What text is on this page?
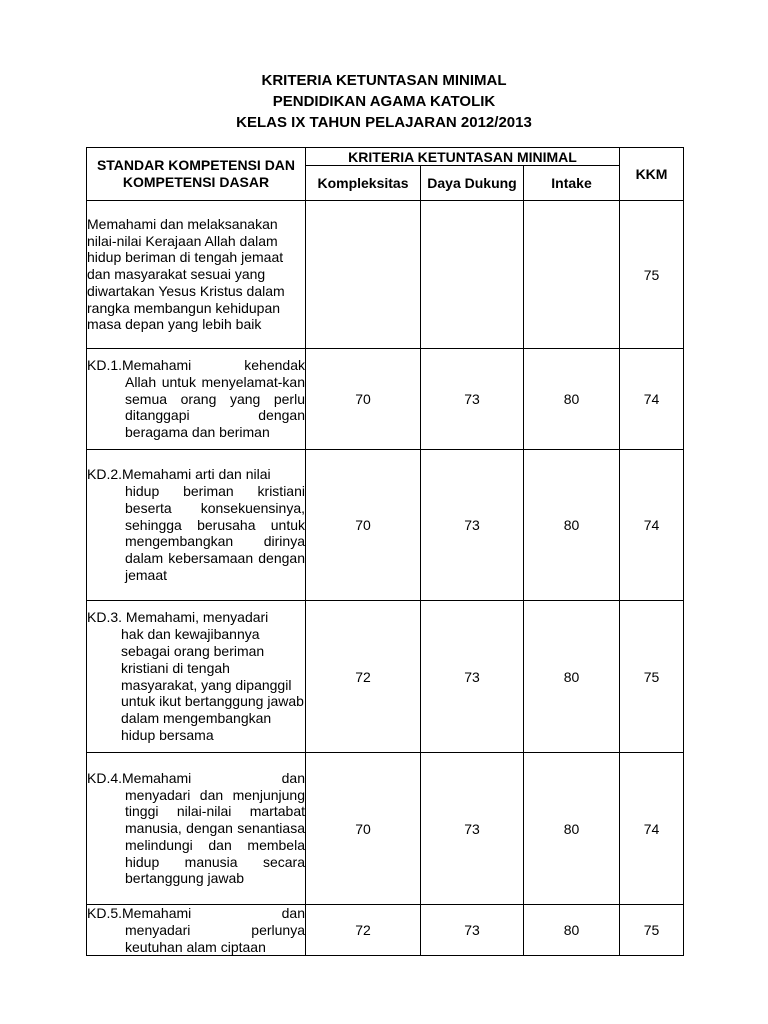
KRITERIA KETUNTASAN MINIMAL
PENDIDIKAN AGAMA KATOLIK
KELAS IX TAHUN PELAJARAN 2012/2013
STANDAR KOMPETENSI DAN KOMPETENSI DASAR	KRITERIA KETUNTASAN MINIMAL			KKM
	Kompleksitas	Daya Dukung	Intake	
Memahami dan melaksanakan nilai-nilai Kerajaan Allah dalam hidup beriman di tengah jemaat dan masyarakat sesuai yang diwartakan Yesus Kristus dalam rangka membangun kehidupan masa depan yang lebih baik				75

KD.1.Memahami kehendak
Allah untuk menyelamat-kan semua orang yang perlu ditanggapi dengan beragama dan beriman	70	73	80	74

KD.2.Memahami arti dan nilai
hidup beriman kristiani beserta konsekuensinya, sehingga berusaha untuk mengembangkan dirinya dalam kebersamaan dengan jemaat	70	73	80	74

KD.3. Memahami, menyadari
hak dan kewajibannya sebagai orang beriman kristiani di tengah masyarakat, yang dipanggil untuk ikut bertanggung jawab dalam mengembangkan hidup bersama	72	73	80	75

KD.4.Memahami dan
menyadari dan menjunjung tinggi nilai-nilai martabat manusia, dengan senantiasa melindungi dan membela hidup manusia secara bertanggung jawab	70	73	80	74

KD.5.Memahami dan
menyadari perlunya keutuhan alam ciptaan	72	73	80	75
